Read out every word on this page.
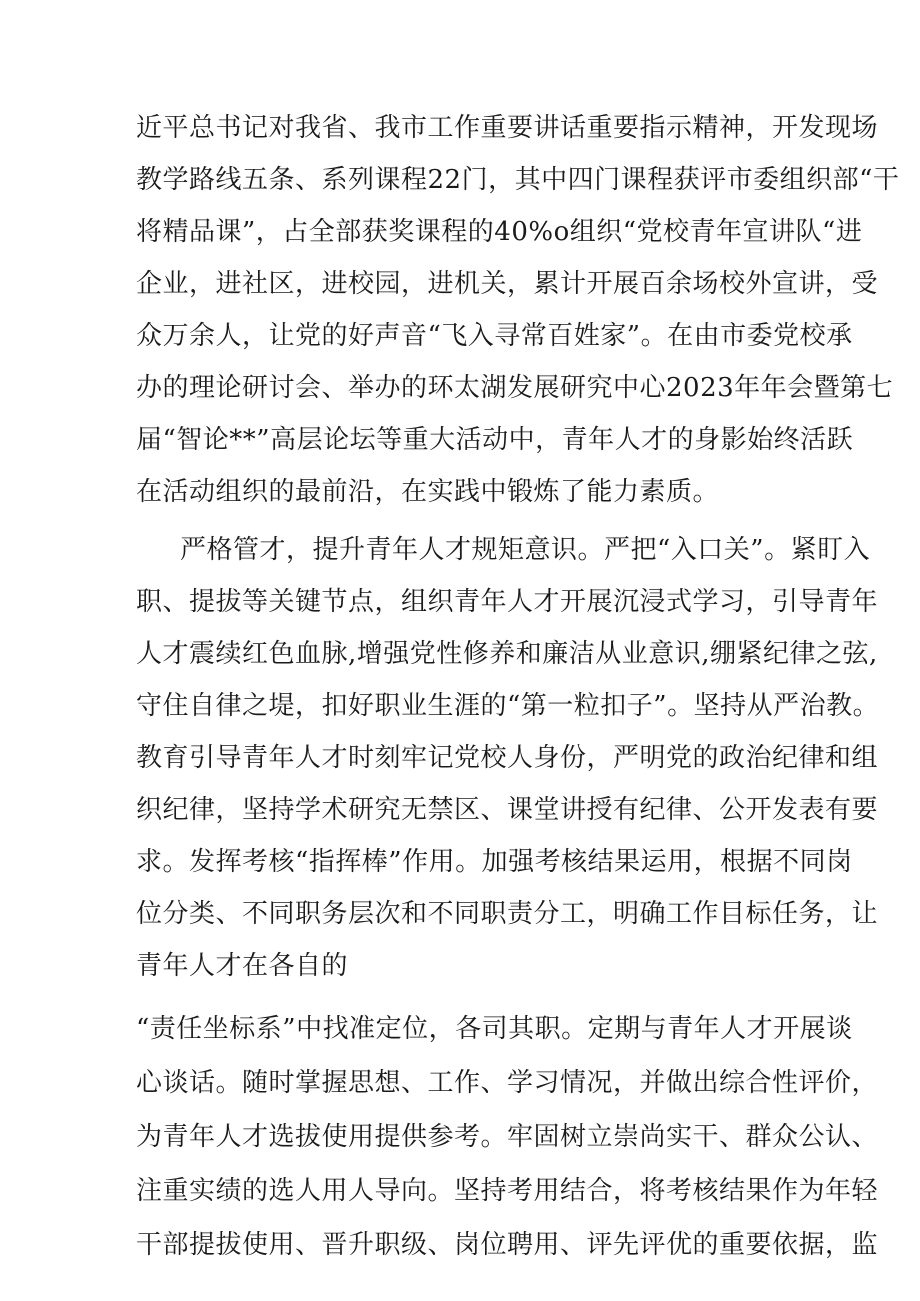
近平总书记对我省、我市工作重要讲话重要指示精神，开发现场
教学路线五条、系列课程22门，其中四门课程获评市委组织部“干
将精品课”，占全部获奖课程的40%o组织“党校青年宣讲队“进
企业，进社区，进校园，进机关，累计开展百余场校外宣讲，受
众万余人，让党的好声音“飞入寻常百姓家”。在由市委党校承
办的理论研讨会、举办的环太湖发展研究中心2023年年会暨第七
届“智论**”高层论坛等重大活动中，青年人才的身影始终活跃
在活动组织的最前沿，在实践中锻炼了能力素质。
严格管才，提升青年人才规矩意识。严把“入口关”。紧盯入
职、提拔等关键节点，组织青年人才开展沉浸式学习，引导青年
人才震续红色血脉,增强党性修养和廉洁从业意识,绷紧纪律之弦,
守住自律之堤，扣好职业生涯的“第一粒扣子”。坚持从严治教。
教育引导青年人才时刻牢记党校人身份，严明党的政治纪律和组
织纪律，坚持学术研究无禁区、课堂讲授有纪律、公开发表有要
求。发挥考核“指挥棒”作用。加强考核结果运用，根据不同岗
位分类、不同职务层次和不同职责分工，明确工作目标任务，让
青年人才在各自的
“责任坐标系”中找准定位，各司其职。定期与青年人才开展谈
心谈话。随时掌握思想、工作、学习情况，并做出综合性评价，
为青年人才选拔使用提供参考。牢固树立崇尚实干、群众公认、
注重实绩的选人用人导向。坚持考用结合，将考核结果作为年轻
干部提拔使用、晋升职级、岗位聘用、评先评优的重要依据，监
